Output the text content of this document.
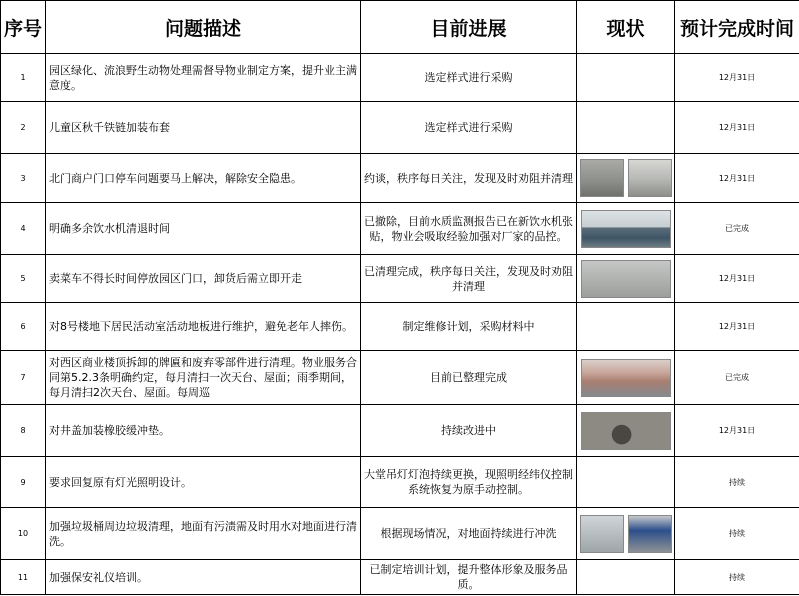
序号	问题描述	目前进展	现状	预计完成时间
1	园区绿化、流浪野生动物处理需督导物业制定方案，提升业主满意度。	选定样式进行采购		12月31日
2	儿童区秋千铁链加装布套	选定样式进行采购		12月31日
3	北门商户门口停车问题要马上解决，解除安全隐患。	约谈，秩序每日关注，发现及时劝阻并清理		12月31日
4	明确多余饮水机清退时间	已撤除，目前水质监测报告已在新饮水机张贴，物业会吸取经验加强对厂家的品控。		已完成
5	卖菜车不得长时间停放园区门口，卸货后需立即开走	已清理完成，秩序每日关注，发现及时劝阻并清理		12月31日
6	对8号楼地下居民活动室活动地板进行维护，避免老年人摔伤。	制定维修计划，采购材料中		12月31日
7	对西区商业楼顶拆卸的牌匾和废弃零部件进行清理。物业服务合同第5.2.3条明确约定，每月清扫一次天台、屋面；雨季期间，每月清扫2次天台、屋面。每周巡	目前已整理完成		已完成
8	对井盖加装橡胶缓冲垫。	持续改进中		12月31日
9	要求回复原有灯光照明设计。	大堂吊灯灯泡持续更换，现照明经纬仪控制系统恢复为原手动控制。		持续
10	加强垃圾桶周边垃圾清理，地面有污渍需及时用水对地面进行清洗。	根据现场情况，对地面持续进行冲洗		持续
11	加强保安礼仪培训。	已制定培训计划，提升整体形象及服务品质。		持续
